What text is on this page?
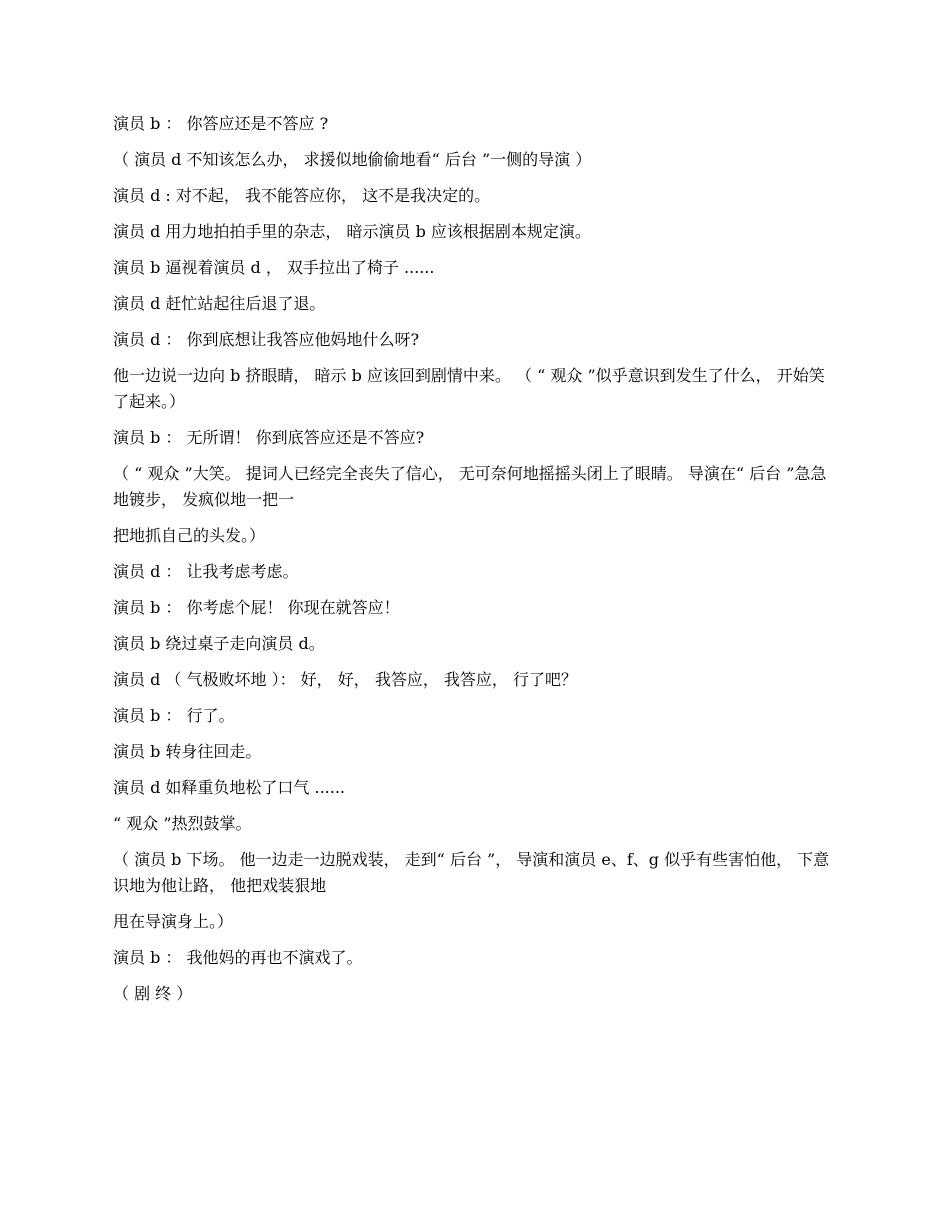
演员 b ： 你答应还是不答应 ?

（ 演员 d 不知该怎么办， 求援似地偷偷地看“ 后台 ”一侧的导演 ）

演员 d : 对不起， 我不能答应你， 这不是我决定的。

演员 d 用力地拍拍手里的杂志， 暗示演员 b 应该根据剧本规定演。

演员 b 逼视着演员 d ， 双手拉出了椅子 ......

演员 d 赶忙站起往后退了退。

演员 d ： 你到底想让我答应他妈地什么呀?

他一边说一边向 b 挤眼睛， 暗示 b 应该回到剧情中来。 （ “ 观众 ”似乎意识到发生了什么， 开始笑了起来。）

演员 b ： 无所谓！ 你到底答应还是不答应?

（ “ 观众 ”大笑。 提词人已经完全丧失了信心， 无可奈何地摇摇头闭上了眼睛。 导演在“ 后台 ”急急地镀步， 发疯似地一把一

把地抓自己的头发。）

演员 d ： 让我考虑考虑。

演员 b ： 你考虑个屁！ 你现在就答应！

演员 b 绕过桌子走向演员 d。

演员 d （ 气极败坏地 ）： 好， 好， 我答应， 我答应， 行了吧？

演员 b ： 行了。

演员 b 转身往回走。

演员 d 如释重负地松了口气 ......

“ 观众 ”热烈鼓掌。

（ 演员 b 下场。 他一边走一边脱戏装， 走到“ 后台 ”， 导演和演员 e、f、g 似乎有些害怕他， 下意识地为他让路， 他把戏装狠地

甩在导演身上。）

演员 b ： 我他妈的再也不演戏了。

（ 剧 终 ）
